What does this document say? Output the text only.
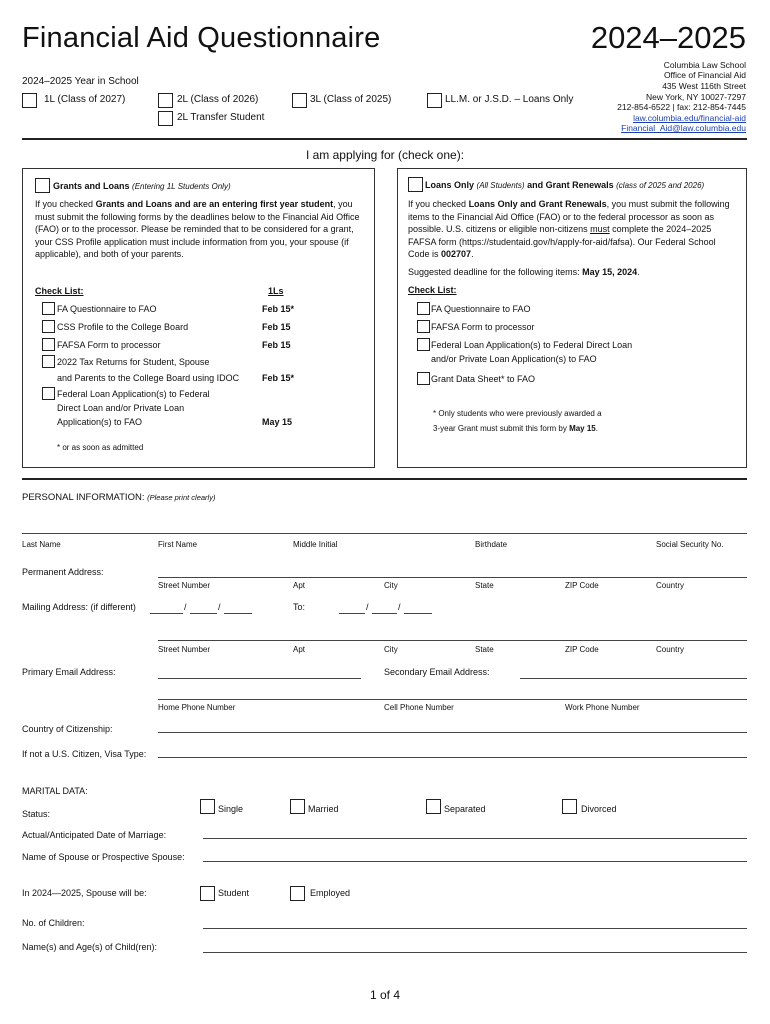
Financial Aid Questionnaire	2024–2025
Columbia Law School
Office of Financial Aid
435 West 116th Street
New York, NY 10027-7297
212-854-6522 | fax: 212-854-7445
law.columbia.edu/financial-aid
Financial_Aid@law.columbia.edu
2024–2025 Year in School
1L (Class of 2027)	2L (Class of 2026)
2L Transfer Student
3L (Class of 2025)	LL.M. or J.S.D. – Loans Only
I am applying for (check one):
Grants and Loans (Entering 1L Students Only)
If you checked Grants and Loans and are an entering first year student, you must submit the following forms by the deadlines below to the Financial Aid Office (FAO) or to the processor. Please be reminded that to be considered for a grant, your CSS Profile application must include information from you, your spouse (if applicable), and both of your parents.
Check List:	1Ls
FA Questionnaire to FAO	Feb 15*
CSS Profile to the College Board	Feb 15
FAFSA Form to processor	Feb 15
2022 Tax Returns for Student, Spouse
and Parents to the College Board using IDOC	Feb 15*
Federal Loan Application(s) to Federal
Direct Loan and/or Private Loan
Application(s) to FAO	May 15
* or as soon as admitted
Loans Only (All Students) and Grant Renewals (class of 2025 and 2026)
If you checked Loans Only and Grant Renewals, you must submit the following items to the Financial Aid Office (FAO) or to the federal processor as soon as possible. U.S. citizens or eligible non-citizens must complete the 2024–2025 FAFSA form (https://studentaid.gov/h/apply-for-aid/fafsa). Our Federal School Code is 002707.
Suggested deadline for the following items: May 15, 2024.
Check List:
FA Questionnaire to FAO
FAFSA Form to processor
Federal Loan Application(s) to Federal Direct Loan
and/or Private Loan Application(s) to FAO
Grant Data Sheet* to FAO
* Only students who were previously awarded a
3-year Grant must submit this form by May 15.
PERSONAL INFORMATION: (Please print clearly)
Last Name	First Name	Middle Initial	Birthdate	Social Security No.
Permanent Address:
Street Number	Apt	City	State	ZIP Code	Country
Mailing Address: (if different)	/	/	To:	/	/
Street Number	Apt	City	State	ZIP Code	Country
Primary Email Address:	Secondary Email Address:
Home Phone Number	Cell Phone Number	Work Phone Number
Country of Citizenship:
If not a U.S. Citizen, Visa Type:
MARITAL DATA:
Status:	Single	Married	Separated	Divorced
Actual/Anticipated Date of Marriage:
Name of Spouse or Prospective Spouse:
In 2024—2025, Spouse will be:	Student	Employed
No. of Children:
Name(s) and Age(s) of Child(ren):
1 of 4
